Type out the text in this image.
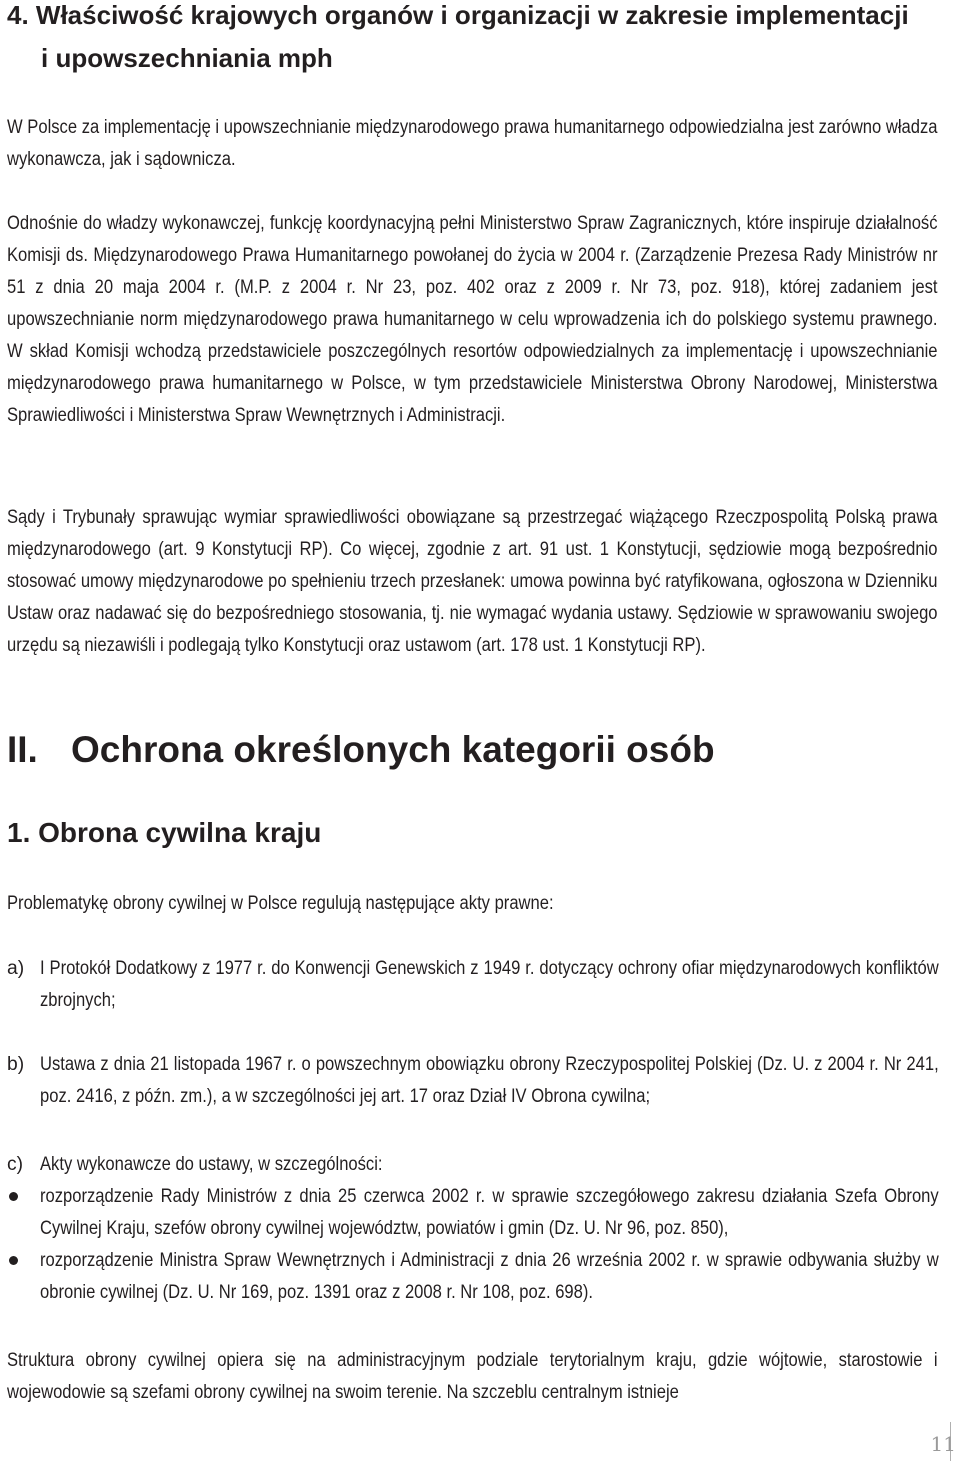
4. Właściwość krajowych organów i organizacji w zakresie implementacji
i upowszechniania mph

W Polsce za implementację i upowszechnianie międzynarodowego prawa humanitarnego odpowiedzialna jest zarówno władza wykonawcza, jak i sądownicza.

Odnośnie do władzy wykonawczej, funkcję koordynacyjną pełni Ministerstwo Spraw Zagranicznych, które inspiruje działalność Komisji ds. Międzynarodowego Prawa Humanitarnego powołanej do życia w 2004 r. (Zarządzenie Prezesa Rady Ministrów nr 51 z dnia 20 maja 2004 r. (M.P. z 2004 r. Nr 23, poz. 402 oraz z 2009 r. Nr 73, poz. 918), której zadaniem jest upowszechnianie norm międzynarodowego prawa humanitarnego w celu wprowadzenia ich do polskiego systemu prawnego. W skład Komisji wchodzą przedstawiciele poszczególnych resortów odpowiedzialnych za implementację i upowszechnianie międzynarodowego prawa humanitarnego w Polsce, w tym przedstawiciele Ministerstwa Obrony Narodowej, Ministerstwa Sprawiedliwości i Ministerstwa Spraw Wewnętrznych i Administracji.

Sądy i Trybunały sprawując wymiar sprawiedliwości obowiązane są przestrzegać wiążącego Rzeczpospolitą Polską prawa międzynarodowego (art. 9 Konstytucji RP). Co więcej, zgodnie z art. 91 ust. 1 Konstytucji, sędziowie mogą bezpośrednio stosować umowy międzynarodowe po spełnieniu trzech przesłanek: umowa powinna być ratyfikowana, ogłoszona w Dzienniku Ustaw oraz nadawać się do bezpośredniego stosowania, tj. nie wymagać wydania ustawy. Sędziowie w sprawowaniu swojego urzędu są niezawiśli i podlegają tylko Konstytucji oraz ustawom (art. 178 ust. 1 Konstytucji RP).

II. Ochrona określonych kategorii osób
1. Obrona cywilna kraju

Problematykę obrony cywilnej w Polsce regulują następujące akty prawne:

a) I Protokół Dodatkowy z 1977 r. do Konwencji Genewskich z 1949 r. dotyczący ochrony ofiar międzynarodowych konfliktów zbrojnych;

b) Ustawa z dnia 21 listopada 1967 r. o powszechnym obowiązku obrony Rzeczypospolitej Polskiej (Dz. U. z 2004 r. Nr 241, poz. 2416, z późn. zm.), a w szczególności jej art. 17 oraz Dział IV Obrona cywilna;

c) Akty wykonawcze do ustawy, w szczególności:

rozporządzenie Rady Ministrów z dnia 25 czerwca 2002 r. w sprawie szczegółowego zakresu działania Szefa Obrony Cywilnej Kraju, szefów obrony cywilnej województw, powiatów i gmin (Dz. U. Nr 96, poz. 850),

rozporządzenie Ministra Spraw Wewnętrznych i Administracji z dnia 26 września 2002 r. w sprawie odbywania służby w obronie cywilnej (Dz. U. Nr 169, poz. 1391 oraz z 2008 r. Nr 108, poz. 698).

Struktura obrony cywilnej opiera się na administracyjnym podziale terytorialnym kraju, gdzie wójtowie, starostowie i wojewodowie są szefami obrony cywilnej na swoim terenie. Na szczeblu centralnym istnieje

11
